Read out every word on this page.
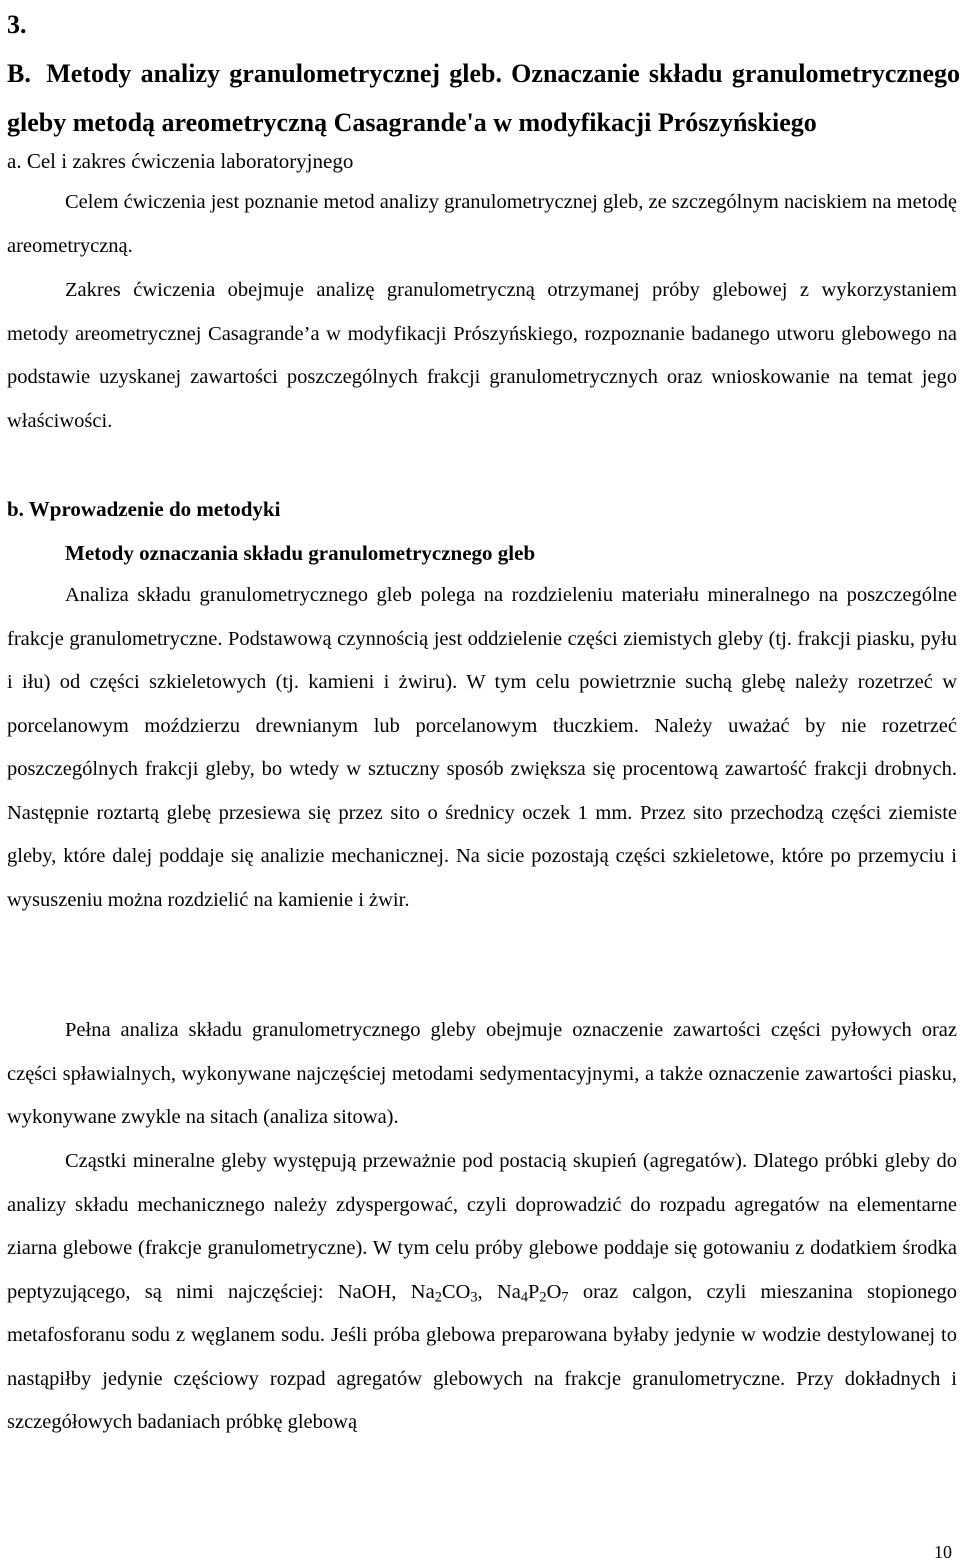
3. B. Metody analizy granulometrycznej gleb. Oznaczanie składu granulometrycznego gleby metodą areometryczną Casagrande'a w modyfikacji Prószyńskiego

a. Cel i zakres ćwiczenia laboratoryjnego

Celem ćwiczenia jest poznanie metod analizy granulometrycznej gleb, ze szczególnym naciskiem na metodę areometryczną.

Zakres ćwiczenia obejmuje analizę granulometryczną otrzymanej próby glebowej z wykorzystaniem metody areometrycznej Casagrande’a w modyfikacji Prószyńskiego, rozpoznanie badanego utworu glebowego na podstawie uzyskanej zawartości poszczególnych frakcji granulometrycznych oraz wnioskowanie na temat jego właściwości.

b. Wprowadzenie do metodyki

Metody oznaczania składu granulometrycznego gleb

Analiza składu granulometrycznego gleb polega na rozdzieleniu materiału mineralnego na poszczególne frakcje granulometryczne. Podstawową czynnością jest oddzielenie części ziemistych gleby (tj. frakcji piasku, pyłu i iłu) od części szkieletowych (tj. kamieni i żwiru). W tym celu powietrznie suchą glebę należy rozetrzeć w porcelanowym moździerzu drewnianym lub porcelanowym tłuczkiem. Należy uważać by nie rozetrzeć poszczególnych frakcji gleby, bo wtedy w sztuczny sposób zwiększa się procentową zawartość frakcji drobnych. Następnie roztartą glebę przesiewa się przez sito o średnicy oczek 1 mm. Przez sito przechodzą części ziemiste gleby, które dalej poddaje się analizie mechanicznej. Na sicie pozostają części szkieletowe, które po przemyciu i wysuszeniu można rozdzielić na kamienie i żwir.

Pełna analiza składu granulometrycznego gleby obejmuje oznaczenie zawartości części pyłowych oraz części spławialnych, wykonywane najczęściej metodami sedymentacyjnymi, a także oznaczenie zawartości piasku, wykonywane zwykle na sitach (analiza sitowa).

Cząstki mineralne gleby występują przeważnie pod postacią skupień (agregatów). Dlatego próbki gleby do analizy składu mechanicznego należy zdyspergować, czyli doprowadzić do rozpadu agregatów na elementarne ziarna glebowe (frakcje granulometryczne). W tym celu próby glebowe poddaje się gotowaniu z dodatkiem środka peptyzującego, są nimi najczęściej: NaOH, $Na_2CO_3$, $Na_4P_2O_7$ oraz calgon, czyli mieszanina stopionego metafosforanu sodu z węglanem sodu. Jeśli próba glebowa preparowana byłaby jedynie w wodzie destylowanej to nastąpiłby jedynie częściowy rozpad agregatów glebowych na frakcje granulometryczne. Przy dokładnych i szczegółowych badaniach próbkę glebową

10
